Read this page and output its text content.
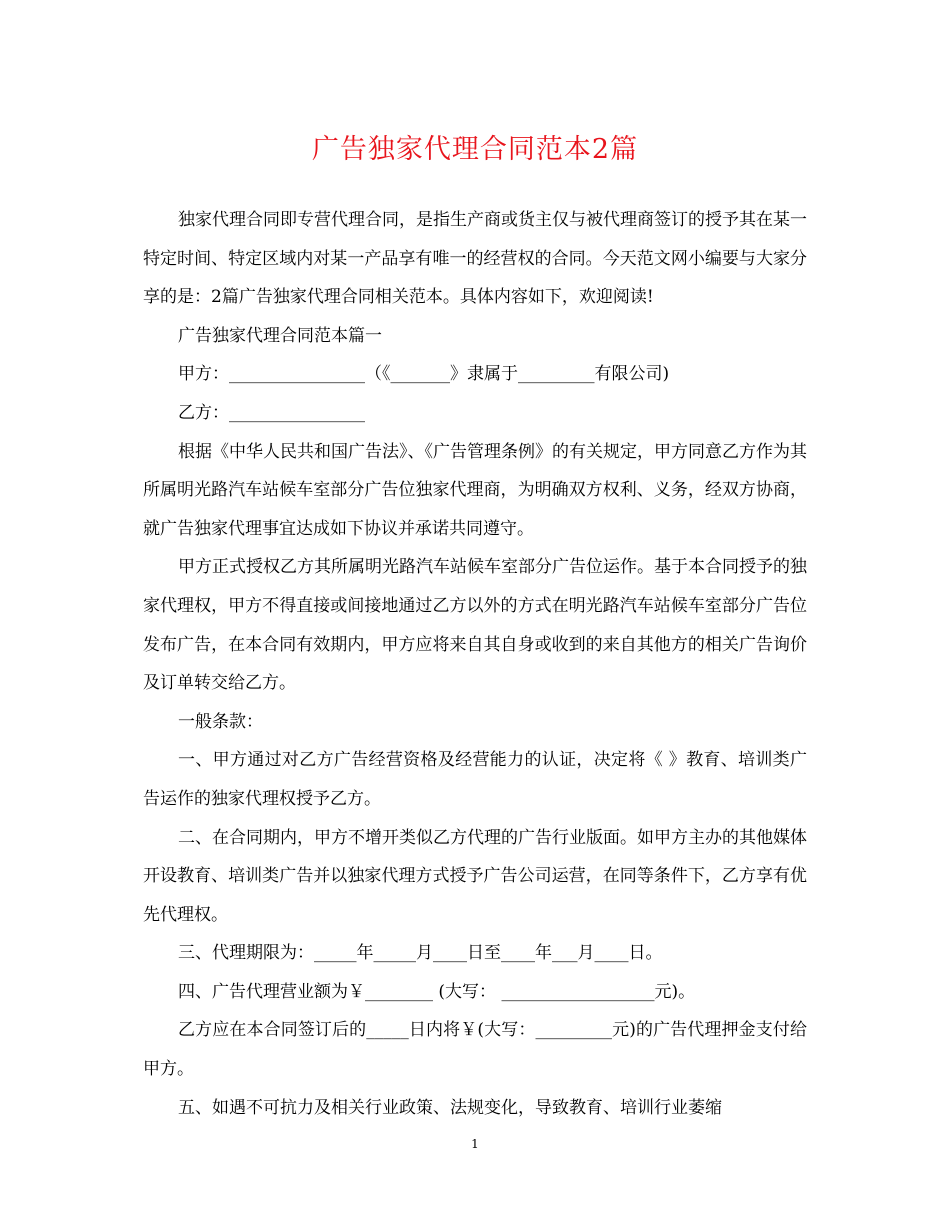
广告独家代理合同范本2篇

独家代理合同即专营代理合同，是指生产商或货主仅与被代理商签订的授予其在某一特定时间、特定区域内对某一产品享有唯一的经营权的合同。今天范文网小编要与大家分享的是：2篇广告独家代理合同相关范本。具体内容如下，欢迎阅读!

广告独家代理合同范本篇一

甲方：________________（《_______》隶属于_________有限公司)

乙方：________________

根据《中华人民共和国广告法》、《广告管理条例》的有关规定，甲方同意乙方作为其所属明光路汽车站候车室部分广告位独家代理商，为明确双方权利、义务，经双方协商，就广告独家代理事宜达成如下协议并承诺共同遵守。

甲方正式授权乙方其所属明光路汽车站候车室部分广告位运作。基于本合同授予的独家代理权，甲方不得直接或间接地通过乙方以外的方式在明光路汽车站候车室部分广告位发布广告，在本合同有效期内，甲方应将来自其自身或收到的来自其他方的相关广告询价及订单转交给乙方。

一般条款：

一、甲方通过对乙方广告经营资格及经营能力的认证，决定将《 》教育、培训类广告运作的独家代理权授予乙方。

二、在合同期内，甲方不增开类似乙方代理的广告行业版面。如甲方主办的其他媒体开设教育、培训类广告并以独家代理方式授予广告公司运营，在同等条件下，乙方享有优先代理权。

三、代理期限为：_____年_____月____日至____年___月____日。

四、广告代理营业额为￥________ (大写： __________________元)。

乙方应在本合同签订后的_____日内将￥(大写：_________元)的广告代理押金支付给甲方。

五、如遇不可抗力及相关行业政策、法规变化，导致教育、培训行业萎缩

1
